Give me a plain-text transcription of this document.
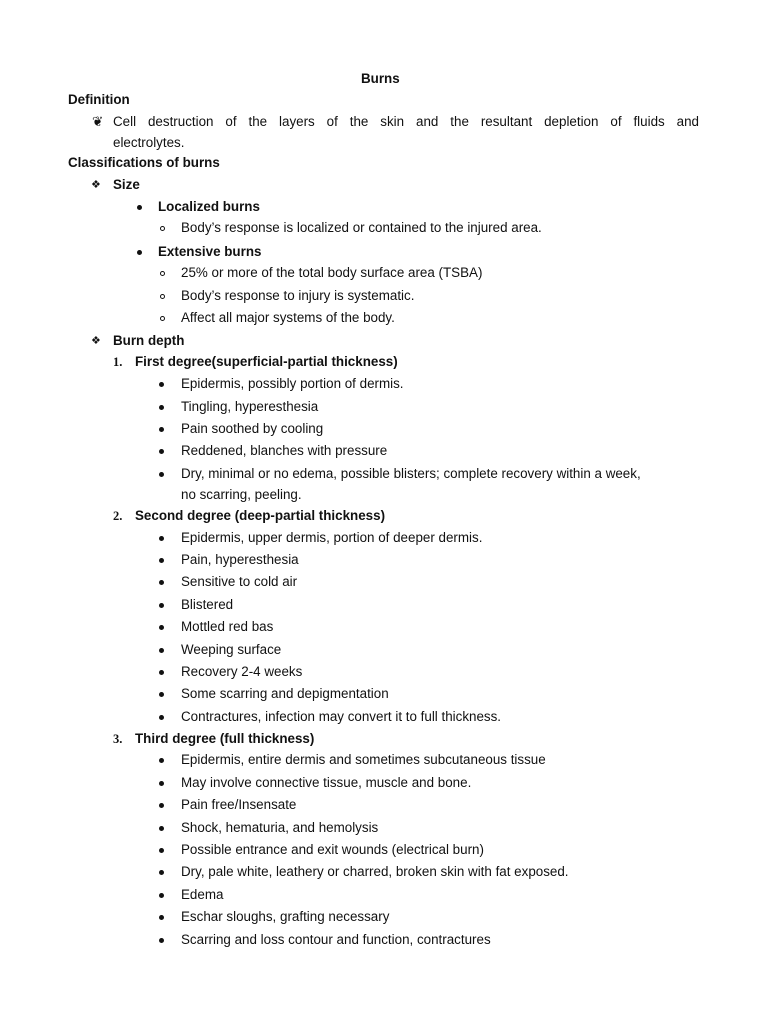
Burns
Definition
❦ Cell destruction of the layers of the skin and the resultant depletion of fluids and
electrolytes.
Classifications of burns
❖ Size
Localized burns
Body’s response is localized or contained to the injured area.
Extensive burns
25% or more of the total body surface area (TSBA)
Body’s response to injury is systematic.
Affect all major systems of the body.
❖ Burn depth
1. First degree(superficial-partial thickness)
Epidermis, possibly portion of dermis.
Tingling, hyperesthesia
Pain soothed by cooling
Reddened, blanches with pressure
Dry, minimal or no edema, possible blisters; complete recovery within a week,
no scarring, peeling.
2. Second degree (deep-partial thickness)
Epidermis, upper dermis, portion of deeper dermis.
Pain, hyperesthesia
Sensitive to cold air
Blistered
Mottled red bas
Weeping surface
Recovery 2-4 weeks
Some scarring and depigmentation
Contractures, infection may convert it to full thickness.
3. Third degree (full thickness)
Epidermis, entire dermis and sometimes subcutaneous tissue
May involve connective tissue, muscle and bone.
Pain free/Insensate
Shock, hematuria, and hemolysis
Possible entrance and exit wounds (electrical burn)
Dry, pale white, leathery or charred, broken skin with fat exposed.
Edema
Eschar sloughs, grafting necessary
Scarring and loss contour and function, contractures
